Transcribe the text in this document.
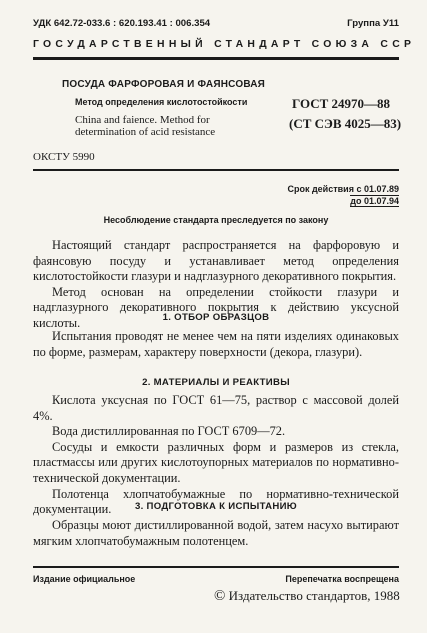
УДК 642.72-033.6 : 620.193.41 : 006.354	Группа У11
ГОСУДАРСТВЕННЫЙ СТАНДАРТ СОЮЗА ССР
ПОСУДА ФАРФОРОВАЯ И ФАЯНСОВАЯ
Метод определения кислотостойкости
China and faience. Method for
determination of acid resistance
ГОСТ 24970—88
(СТ СЭВ 4025—83)
ОКСТУ 5990
Срок действия с 01.07.89
до 01.07.94
Несоблюдение стандарта преследуется по закону

Настоящий стандарт распространяется на фарфоровую и фаянсовую посуду и устанавливает метод определения кислотостойкости глазури и надглазурного декоративного покрытия.

Метод основан на определении стойкости глазури и надглазурного декоративного покрытия к действию уксусной кислоты.	1. ОТБОР ОБРАЗЦОВ

Испытания проводят не менее чем на пяти изделиях одинаковых по форме, размерам, характеру поверхности (декора, глазури).

2. МАТЕРИАЛЫ И РЕАКТИВЫ

Кислота уксусная по ГОСТ 61—75, раствор с массовой долей 4%.

Вода дистиллированная по ГОСТ 6709—72.

Сосуды и емкости различных форм и размеров из стекла, пластмассы или других кислотоупорных материалов по нормативно-технической документации.

Полотенца хлопчатобумажные по нормативно-технической документации.	3. ПОДГОТОВКА К ИСПЫТАНИЮ

Образцы моют дистиллированной водой, затем насухо вытирают мягким хлопчатобумажным полотенцем.

Издание официальное	Перепечатка воспрещена
© Издательство стандартов, 1988
